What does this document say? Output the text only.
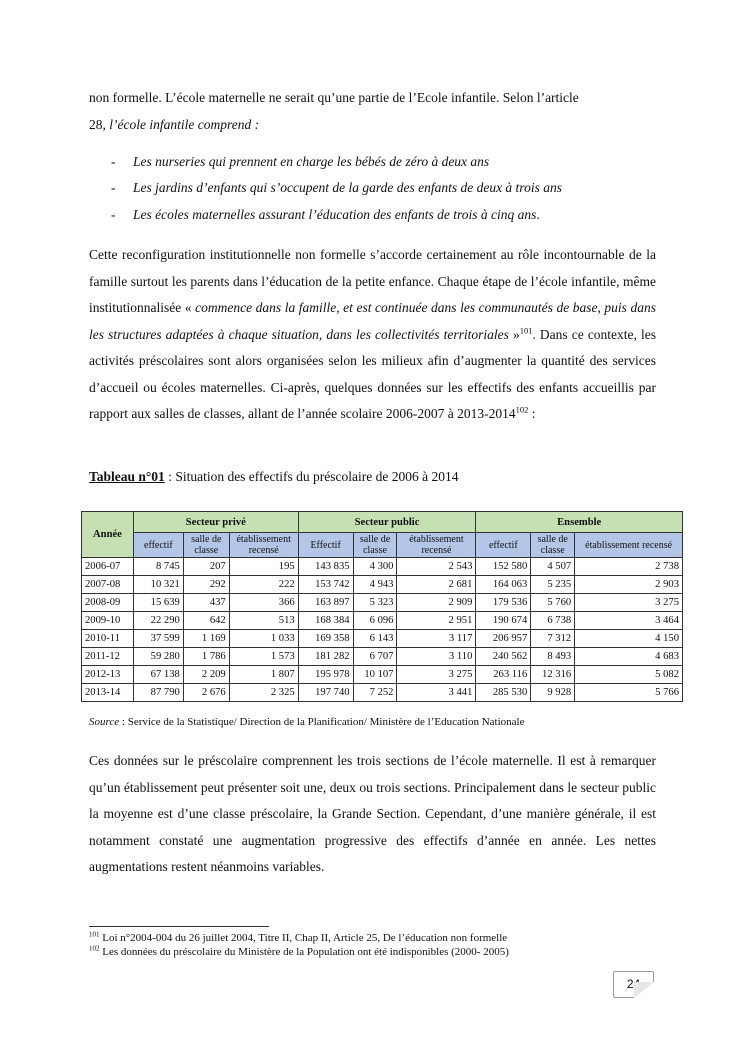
non formelle. L’école maternelle ne serait qu’une partie de l’Ecole infantile. Selon l’article
28, l’école infantile comprend :
- Les nurseries qui prennent en charge les bébés de zéro à deux ans
- Les jardins d’enfants qui s’occupent de la garde des enfants de deux à trois ans
- Les écoles maternelles assurant l’éducation des enfants de trois à cinq ans.
Cette reconfiguration institutionnelle non formelle s’accorde certainement au rôle incontournable de la famille surtout les parents dans l’éducation de la petite enfance. Chaque étape de l’école infantile, même institutionnalisée « commence dans la famille, et est continuée dans les communautés de base, puis dans les structures adaptées à chaque situation, dans les collectivités territoriales »$^{101}$. Dans ce contexte, les activités préscolaires sont alors organisées selon les milieux afin d’augmenter la quantité des services d’accueil ou écoles maternelles. Ci-après, quelques données sur les effectifs des enfants accueillis par rapport aux salles de classes, allant de l’année scolaire 2006-2007 à 2013-2014$^{102}$ :
Tableau n°01 : Situation des effectifs du préscolaire de 2006 à 2014
Année	Secteur privé			Secteur public			Ensemble		
	effectif	salle de classe	établissement recensé	Effectif	salle de classe	établissement recensé	effectif	salle de classe	établissement recensé
2006-07	8 745	207	195	143 835	4 300	2 543	152 580	4 507	2 738
2007-08	10 321	292	222	153 742	4 943	2 681	164 063	5 235	2 903
2008-09	15 639	437	366	163 897	5 323	2 909	179 536	5 760	3 275
2009-10	22 290	642	513	168 384	6 096	2 951	190 674	6 738	3 464
2010-11	37 599	1 169	1 033	169 358	6 143	3 117	206 957	7 312	4 150
2011-12	59 280	1 786	1 573	181 282	6 707	3 110	240 562	8 493	4 683
2012-13	67 138	2 209	1 807	195 978	10 107	3 275	263 116	12 316	5 082
2013-14	87 790	2 676	2 325	197 740	7 252	3 441	285 530	9 928	5 766
Source : Service de la Statistique/ Direction de la Planification/ Ministère de l’Education Nationale
Ces données sur le préscolaire comprennent les trois sections de l’école maternelle. Il est à remarquer qu’un établissement peut présenter soit une, deux ou trois sections. Principalement dans le secteur public la moyenne est d’une classe préscolaire, la Grande Section. Cependant, d’une manière générale, il est notamment constaté une augmentation progressive des effectifs d’année en année. Les nettes augmentations restent néanmoins variables.
$^{101}$ Loi n°2004-004 du 26 juillet 2004, Titre II, Chap II, Article 25, De l’éducation non formelle
$^{102}$ Les données du préscolaire du Ministère de la Population ont été indisponibles (2000- 2005)
24
